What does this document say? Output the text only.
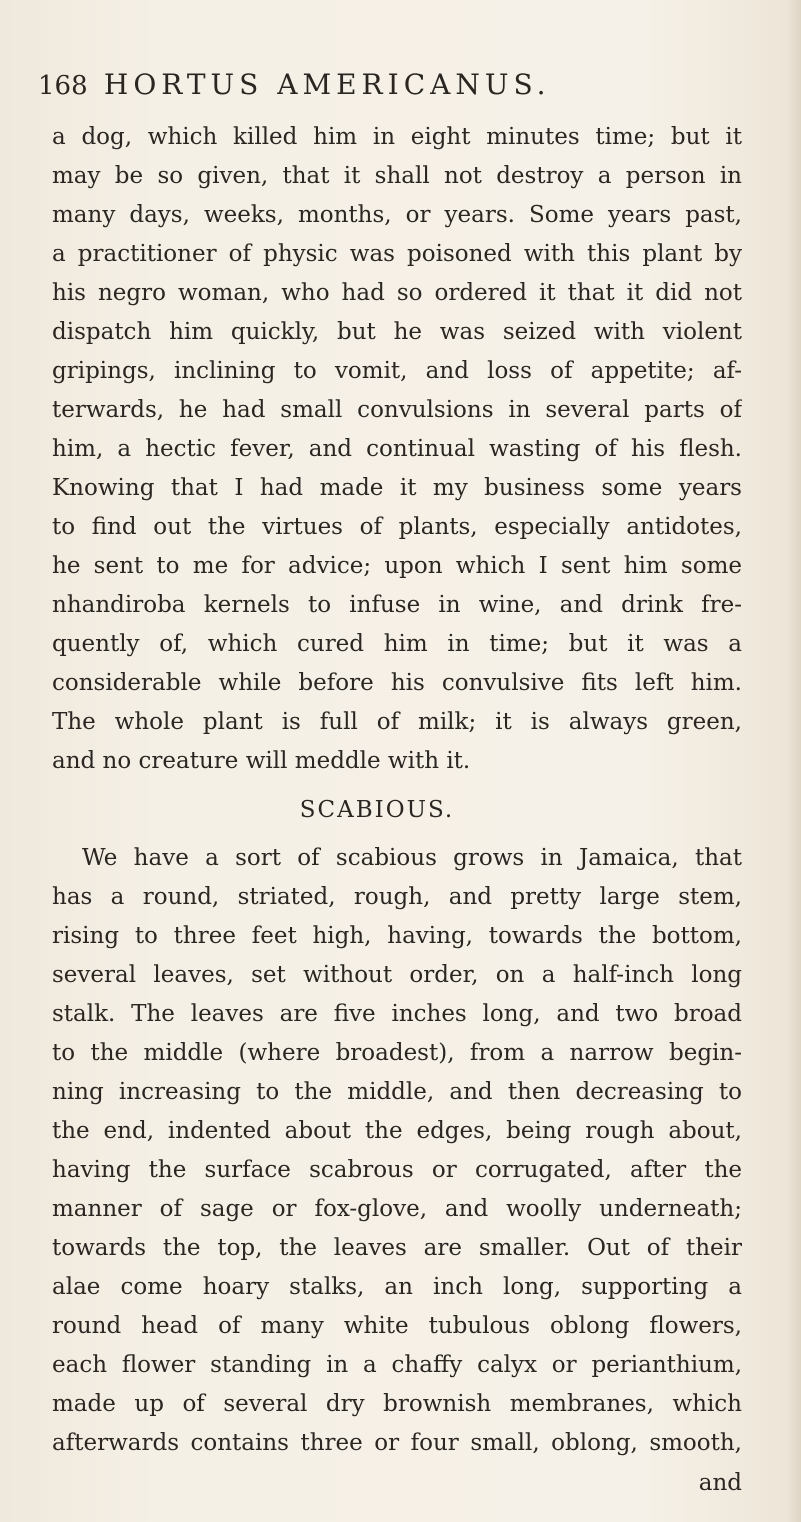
168 HORTUS AMERICANUS.
a dog, which killed him in eight minutes time; but it
may be so given, that it shall not destroy a person in
many days, weeks, months, or years. Some years past,
a practitioner of physic was poisoned with this plant by
his negro woman, who had so ordered it that it did not
dispatch him quickly, but he was seized with violent
gripings, inclining to vomit, and loss of appetite; af-
terwards, he had small convulsions in several parts of
him, a hectic fever, and continual wasting of his flesh.
Knowing that I had made it my business some years
to find out the virtues of plants, especially antidotes,
he sent to me for advice; upon which I sent him some
nhandiroba kernels to infuse in wine, and drink fre-
quently of, which cured him in time; but it was a
considerable while before his convulsive fits left him.
The whole plant is full of milk; it is always green,
and no creature will meddle with it.
SCABIOUS.
We have a sort of scabious grows in Jamaica, that
has a round, striated, rough, and pretty large stem,
rising to three feet high, having, towards the bottom,
several leaves, set without order, on a half-inch long
stalk. The leaves are five inches long, and two broad
to the middle (where broadest), from a narrow begin-
ning increasing to the middle, and then decreasing to
the end, indented about the edges, being rough about,
having the surface scabrous or corrugated, after the
manner of sage or fox-glove, and woolly underneath;
towards the top, the leaves are smaller. Out of their
alae come hoary stalks, an inch long, supporting a
round head of many white tubulous oblong flowers,
each flower standing in a chaffy calyx or perianthium,
made up of several dry brownish membranes, which
afterwards contains three or four small, oblong, smooth,
and
